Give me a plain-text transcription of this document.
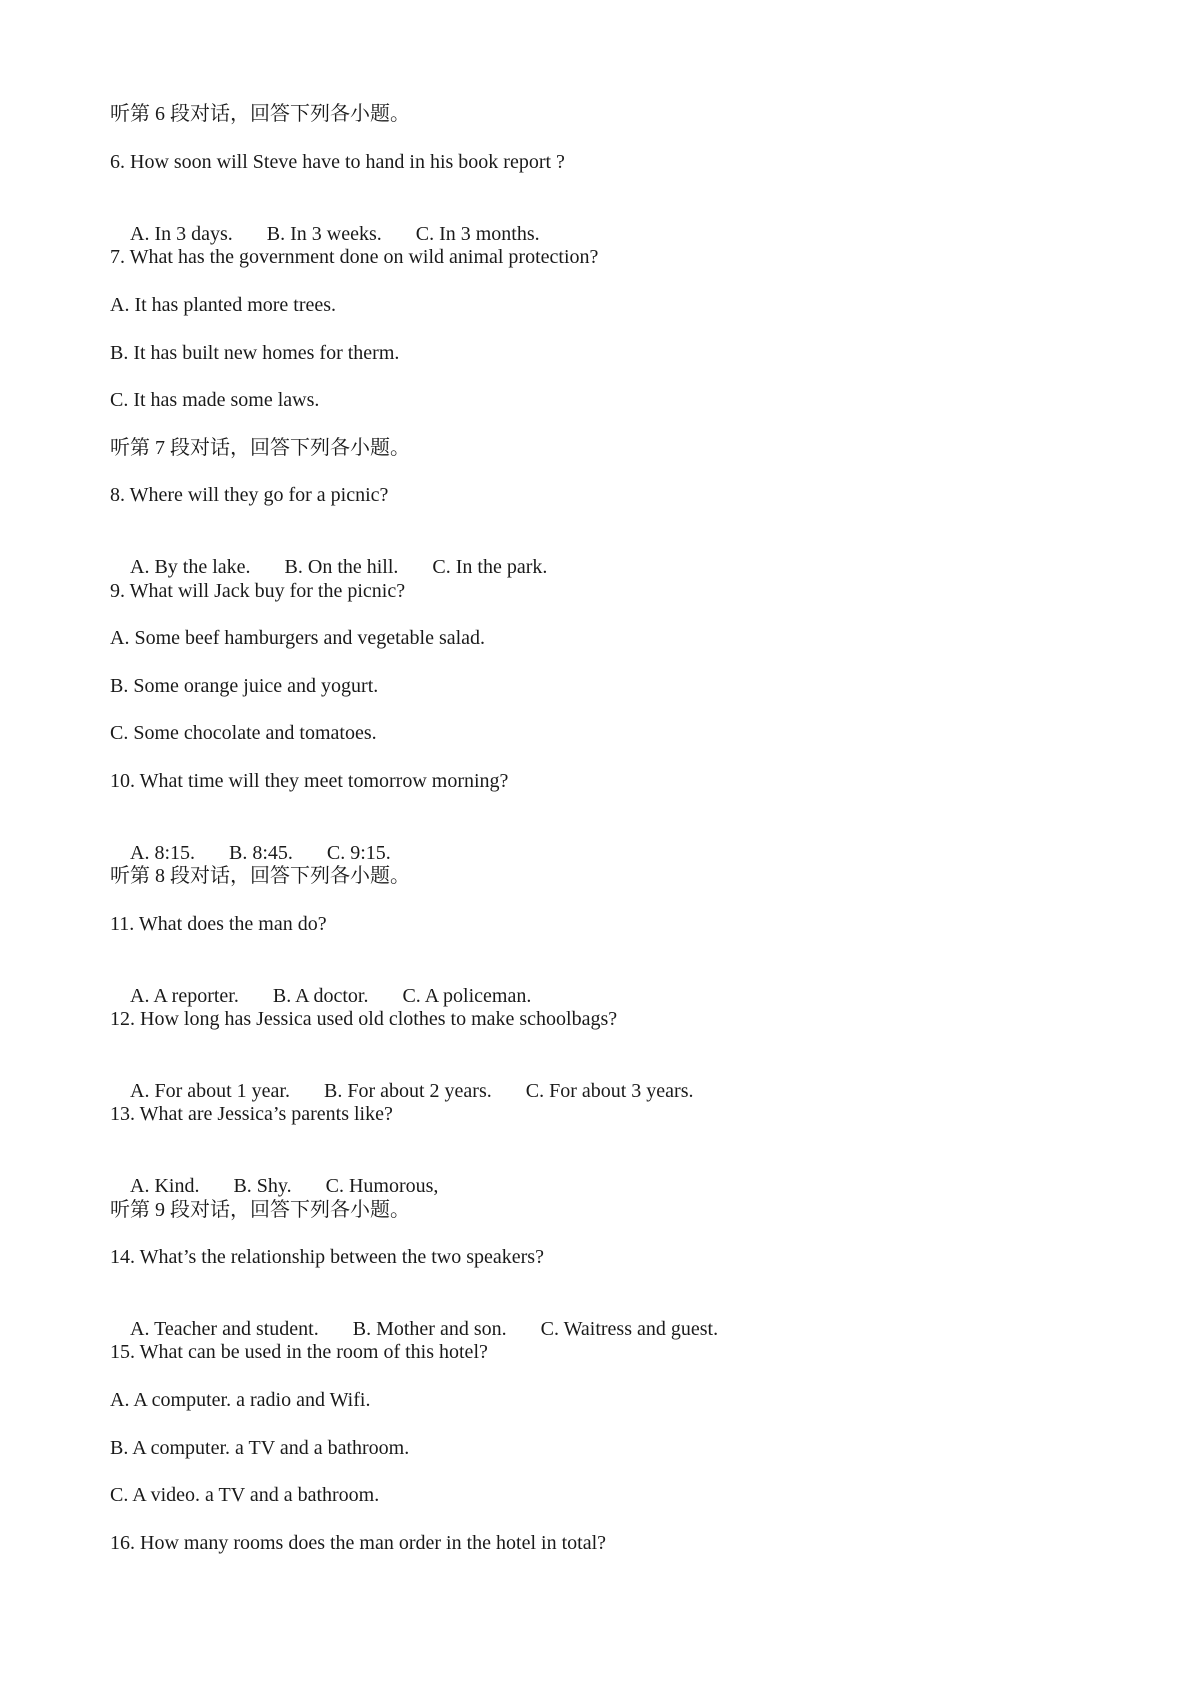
听第 6 段对话，回答下列各小题。
6. How soon will Steve have to hand in his book report ?

A. In 3 days. B. In 3 weeks. C. In 3 months.

7. What has the government done on wild animal protection?
A. It has planted more trees.
B. It has built new homes for therm.
C. It has made some laws.
听第 7 段对话，回答下列各小题。
8. Where will they go for a picnic?

A. By the lake. B. On the hill. C. In the park.

9. What will Jack buy for the picnic?
A. Some beef hamburgers and vegetable salad.
B. Some orange juice and yogurt.
C. Some chocolate and tomatoes.
10. What time will they meet tomorrow morning?

A. 8:15. B. 8:45. C. 9:15.

听第 8 段对话，回答下列各小题。
11. What does the man do?

A. A reporter. B. A doctor. C. A policeman.

12. How long has Jessica used old clothes to make schoolbags?

A. For about 1 year. B. For about 2 years. C. For about 3 years.

13. What are Jessica’s parents like?

A. Kind. B. Shy. C. Humorous,

听第 9 段对话，回答下列各小题。
14. What’s the relationship between the two speakers?

A. Teacher and student. B. Mother and son. C. Waitress and guest.

15. What can be used in the room of this hotel?
A. A computer. a radio and Wifi.
B. A computer. a TV and a bathroom.
C. A video. a TV and a bathroom.
16. How many rooms does the man order in the hotel in total?
